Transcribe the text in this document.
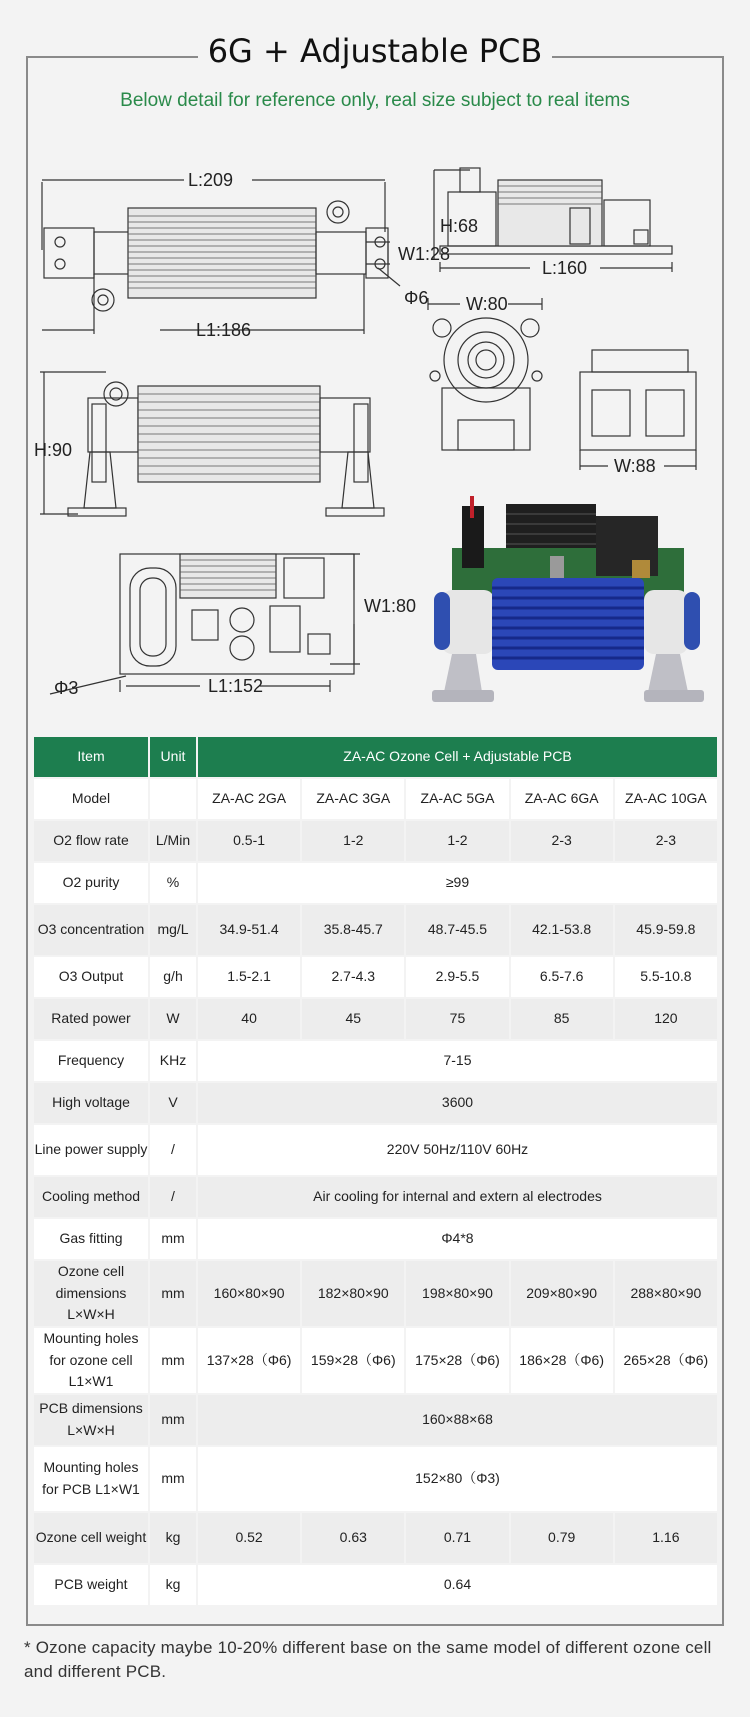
6G + Adjustable PCB
Below detail for reference only, real size subject to real items
L:209
W1:28
Φ6
L1:186
H:68
L:160
W:80
H:90
W:88
W1:80
Φ3	L1:152
Item	Unit	ZA-AC Ozone Cell + Adjustable PCB				
Model		ZA-AC 2GA	ZA-AC 3GA	ZA-AC 5GA	ZA-AC 6GA	ZA-AC 10GA
O2 flow rate	L/Min	0.5-1	1-2	1-2	2-3	2-3
O2 purity	%	≥99				
O3 concentration	mg/L	34.9-51.4	35.8-45.7	48.7-45.5	42.1-53.8	45.9-59.8
O3 Output	g/h	1.5-2.1	2.7-4.3	2.9-5.5	6.5-7.6	5.5-10.8
Rated power	W	40	45	75	85	120
Frequency	KHz	7-15				
High voltage	V	3600				
Line power supply	/	220V 50Hz/110V 60Hz				
Cooling method	/	Air cooling for internal and extern al electrodes				
Gas fitting	mm	Φ4*8				
Ozone cell dimensions L×W×H	mm	160×80×90	182×80×90	198×80×90	209×80×90	288×80×90
Mounting holes for ozone cell L1×W1	mm	137×28（Φ6)	159×28（Φ6)	175×28（Φ6)	186×28（Φ6)	265×28（Φ6)
PCB dimensions L×W×H	mm	160×88×68				
Mounting holes for PCB L1×W1	mm	152×80（Φ3)				
Ozone cell weight	kg	0.52	0.63	0.71	0.79	1.16
PCB weight	kg	0.64				
* Ozone capacity maybe 10-20% different base on the same model of different ozone cell and different PCB.
